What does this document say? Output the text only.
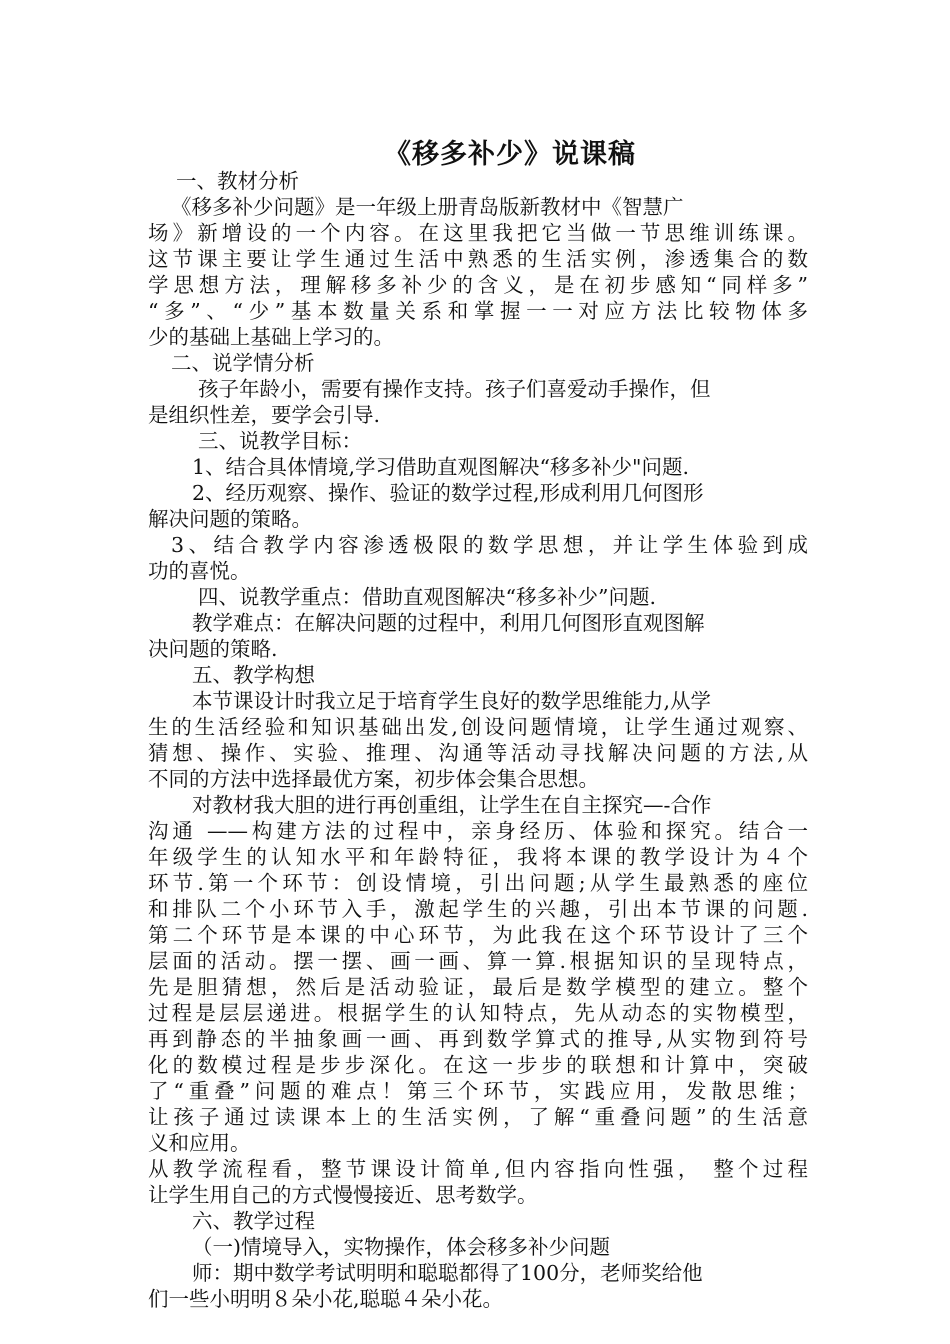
《移多补少》说课稿
一、教材分析
《移多补少问题》是一年级上册青岛版新教材中《智慧广
场》新增设的一个内容。在这里我把它当做一节思维训练课。
这节课主要让学生通过生活中熟悉的生活实例，渗透集合的数
学思想方法，理解移多补少的含义，是在初步感知“同样多”
“多”、“少”基本数量关系和掌握一一对应方法比较物体多
少的基础上基础上学习的。
二、说学情分析
孩子年龄小，需要有操作支持。孩子们喜爱动手操作，但
是组织性差，要学会引导.
三、说教学目标：
1、结合具体情境,学习借助直观图解决“移多补少"问题.
2、经历观察、操作、验证的数学过程,形成利用几何图形
解决问题的策略。
3、结合教学内容渗透极限的数学思想，并让学生体验到成
功的喜悦。
四、说教学重点：借助直观图解决“移多补少”问题.
教学难点：在解决问题的过程中，利用几何图形直观图解
决问题的策略.
五、教学构想
本节课设计时我立足于培育学生良好的数学思维能力,从学
生的生活经验和知识基础出发,创设问题情境，让学生通过观察、
猜想、操作、实验、推理、沟通等活动寻找解决问题的方法,从
不同的方法中选择最优方案，初步体会集合思想。
对教材我大胆的进行再创重组，让学生在自主探究—-合作
沟通 ——构建方法的过程中，亲身经历、体验和探究。结合一
年级学生的认知水平和年龄特征，我将本课的教学设计为４个
环节.第一个环节：创设情境，引出问题;从学生最熟悉的座位
和排队二个小环节入手，激起学生的兴趣，引出本节课的问题.
第二个环节是本课的中心环节，为此我在这个环节设计了三个
层面的活动。摆一摆、画一画、算一算.根据知识的呈现特点，
先是胆猜想，然后是活动验证，最后是数学模型的建立。整个
过程是层层递进。根据学生的认知特点，先从动态的实物模型，
再到静态的半抽象画一画、再到数学算式的推导,从实物到符号
化的数模过程是步步深化。在这一步步的联想和计算中，突破
了“重叠”问题的难点！第三个环节，实践应用，发散思维；
让孩子通过读课本上的生活实例，了解“重叠问题”的生活意
义和应用。
从教学流程看，整节课设计简单,但内容指向性强， 整个过程
让学生用自己的方式慢慢接近、思考数学。
六、教学过程
（一)情境导入，实物操作，体会移多补少问题
师：期中数学考试明明和聪聪都得了100分，老师奖给他
们一些小明明８朵小花,聪聪４朵小花。
